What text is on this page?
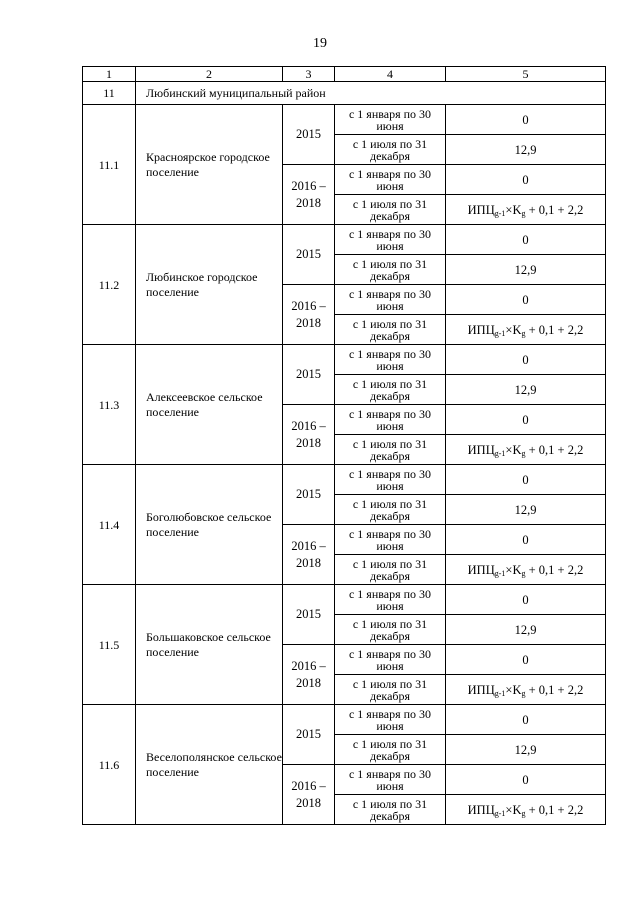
19
1	2	3	4	5
11	Любинский муниципальный район			
11.1	Красноярское городское поселение	2015	с 1 января по 30 июня	0
			с 1 июля по 31 декабря	12,9
		2016 – 2018	с 1 января по 30 июня	0
			с 1 июля по 31 декабря	$ИПЦ_{g-1}\times K_g + 0,1 + 2,2$
11.2	Любинское городское поселение	2015	с 1 января по 30 июня	0
			с 1 июля по 31 декабря	12,9
		2016 – 2018	с 1 января по 30 июня	0
			с 1 июля по 31 декабря	$ИПЦ_{g-1}\times K_g + 0,1 + 2,2$
11.3	Алексеевское сельское поселение	2015	с 1 января по 30 июня	0
			с 1 июля по 31 декабря	12,9
		2016 – 2018	с 1 января по 30 июня	0
			с 1 июля по 31 декабря	$ИПЦ_{g-1}\times K_g + 0,1 + 2,2$
11.4	Боголюбовское сельское поселение	2015	с 1 января по 30 июня	0
			с 1 июля по 31 декабря	12,9
		2016 – 2018	с 1 января по 30 июня	0
			с 1 июля по 31 декабря	$ИПЦ_{g-1}\times K_g + 0,1 + 2,2$
11.5	Большаковское сельское поселение	2015	с 1 января по 30 июня	0
			с 1 июля по 31 декабря	12,9
		2016 – 2018	с 1 января по 30 июня	0
			с 1 июля по 31 декабря	$ИПЦ_{g-1}\times K_g + 0,1 + 2,2$
11.6	Веселополянское сельское поселение	2015	с 1 января по 30 июня	0
			с 1 июля по 31 декабря	12,9
		2016 – 2018	с 1 января по 30 июня	0
			с 1 июля по 31 декабря	$ИПЦ_{g-1}\times K_g + 0,1 + 2,2$
